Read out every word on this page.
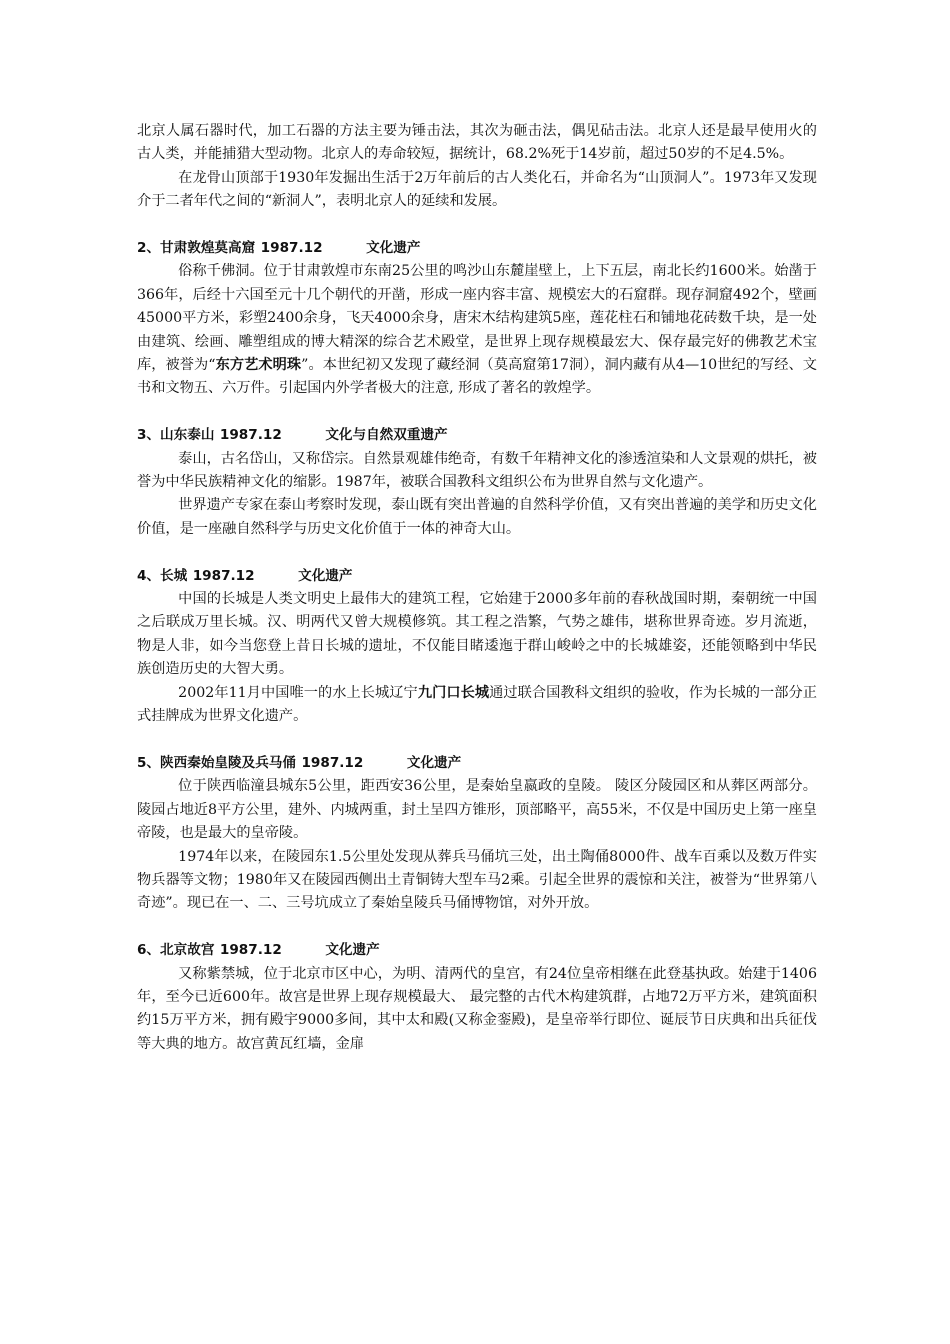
北京人属石器时代，加工石器的方法主要为锤击法，其次为砸击法，偶见砧击法。北京人还是最早使用火的古人类，并能捕猎大型动物。北京人的寿命较短，据统计，68.2%死于14岁前，超过50岁的不足4.5%。

在龙骨山顶部于1930年发掘出生活于2万年前后的古人类化石，并命名为“山顶洞人”。1973年又发现介于二者年代之间的“新洞人”，表明北京人的延续和发展。

2、甘肃敦煌莫高窟 1987.12	文化遗产

俗称千佛洞。位于甘肃敦煌市东南25公里的鸣沙山东麓崖壁上，上下五层，南北长约1600米。始凿于366年，后经十六国至元十几个朝代的开凿，形成一座内容丰富、规模宏大的石窟群。现存洞窟492个，壁画45000平方米，彩塑2400余身，飞天4000余身，唐宋木结构建筑5座，莲花柱石和铺地花砖数千块，是一处由建筑、绘画、雕塑组成的博大精深的综合艺术殿堂，是世界上现存规模最宏大、保存最完好的佛教艺术宝库，被誉为“东方艺术明珠”。本世纪初又发现了藏经洞（莫高窟第17洞），洞内藏有从4—10世纪的写经、文书和文物五、六万件。引起国内外学者极大的注意, 形成了著名的敦煌学。

3、山东泰山 1987.12	文化与自然双重遗产

泰山，古名岱山，又称岱宗。自然景观雄伟绝奇，有数千年精神文化的渗透渲染和人文景观的烘托，被誉为中华民族精神文化的缩影。1987年，被联合国教科文组织公布为世界自然与文化遗产。

世界遗产专家在泰山考察时发现，泰山既有突出普遍的自然科学价值，又有突出普遍的美学和历史文化价值，是一座融自然科学与历史文化价值于一体的神奇大山。

4、长城 1987.12	文化遗产

中国的长城是人类文明史上最伟大的建筑工程，它始建于2000多年前的春秋战国时期，秦朝统一中国之后联成万里长城。汉、明两代又曾大规模修筑。其工程之浩繁，气势之雄伟，堪称世界奇迹。岁月流逝，物是人非，如今当您登上昔日长城的遗址，不仅能目睹逶迤于群山峻岭之中的长城雄姿，还能领略到中华民族创造历史的大智大勇。

2002年11月中国唯一的水上长城辽宁九门口长城通过联合国教科文组织的验收，作为长城的一部分正式挂牌成为世界文化遗产。

5、陕西秦始皇陵及兵马俑 1987.12	文化遗产

位于陕西临潼县城东5公里，距西安36公里，是秦始皇嬴政的皇陵。 陵区分陵园区和从葬区两部分。陵园占地近8平方公里，建外、内城两重，封土呈四方锥形，顶部略平，高55米，不仅是中国历史上第一座皇帝陵，也是最大的皇帝陵。

1974年以来，在陵园东1.5公里处发现从葬兵马俑坑三处，出土陶俑8000件、战车百乘以及数万件实物兵器等文物；1980年又在陵园西侧出土青铜铸大型车马2乘。引起全世界的震惊和关注，被誉为“世界第八奇迹”。现已在一、二、三号坑成立了秦始皇陵兵马俑博物馆，对外开放。

6、北京故宫 1987.12	文化遗产

又称紫禁城，位于北京市区中心，为明、清两代的皇宫，有24位皇帝相继在此登基执政。始建于1406年，至今已近600年。故宫是世界上现存规模最大、 最完整的古代木构建筑群，占地72万平方米，建筑面积约15万平方米，拥有殿宇9000多间，其中太和殿(又称金銮殿)，是皇帝举行即位、诞辰节日庆典和出兵征伐等大典的地方。故宫黄瓦红墙，金扉
